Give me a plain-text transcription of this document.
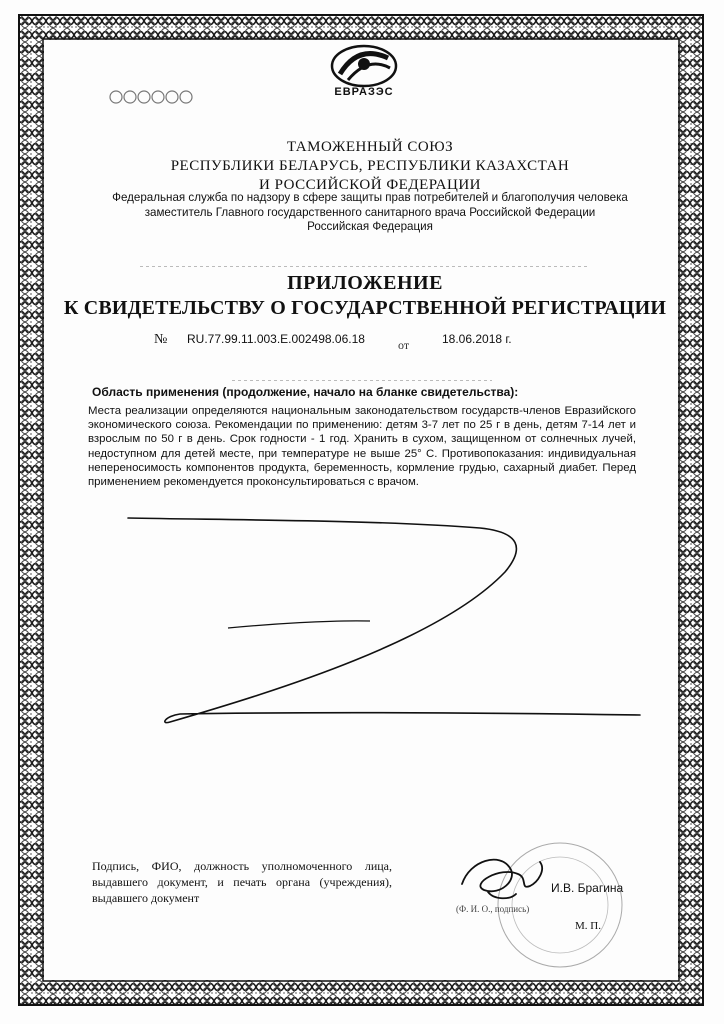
ЕВРАЗЭС
ТАМОЖЕННЫЙ СОЮЗ
РЕСПУБЛИКИ БЕЛАРУСЬ, РЕСПУБЛИКИ КАЗАХСТАН
И РОССИЙСКОЙ ФЕДЕРАЦИИ
Федеральная служба по надзору в сфере защиты прав потребителей и благополучия человека
заместитель Главного государственного санитарного врача Российской Федерации
Российская Федерация
ПРИЛОЖЕНИЕ
К СВИДЕТЕЛЬСТВУ О ГОСУДАРСТВЕННОЙ РЕГИСТРАЦИИ
№ RU.77.99.11.003.Е.002498.06.18	от	18.06.2018 г.
Область применения (продолжение, начало на бланке свидетельства):
Места реализации определяются национальным законодательством государств-членов Евразийского экономического союза. Рекомендации по применению: детям 3-7 лет по 25 г в день, детям 7-14 лет и взрослым по 50 г в день. Срок годности - 1 год. Хранить в сухом, защищенном от солнечных лучей, недоступном для детей месте, при температуре не выше 25° С. Противопоказания: индивидуальная непереносимость компонентов продукта, беременность, кормление грудью, сахарный диабет. Перед применением рекомендуется проконсультироваться с врачом.
Подпись, ФИО, должность уполномоченного лица, выдавшего документ, и печать органа (учреждения), выдавшего документ
И.В. Брагина
(Ф. И. О., подпись)
М. П.
